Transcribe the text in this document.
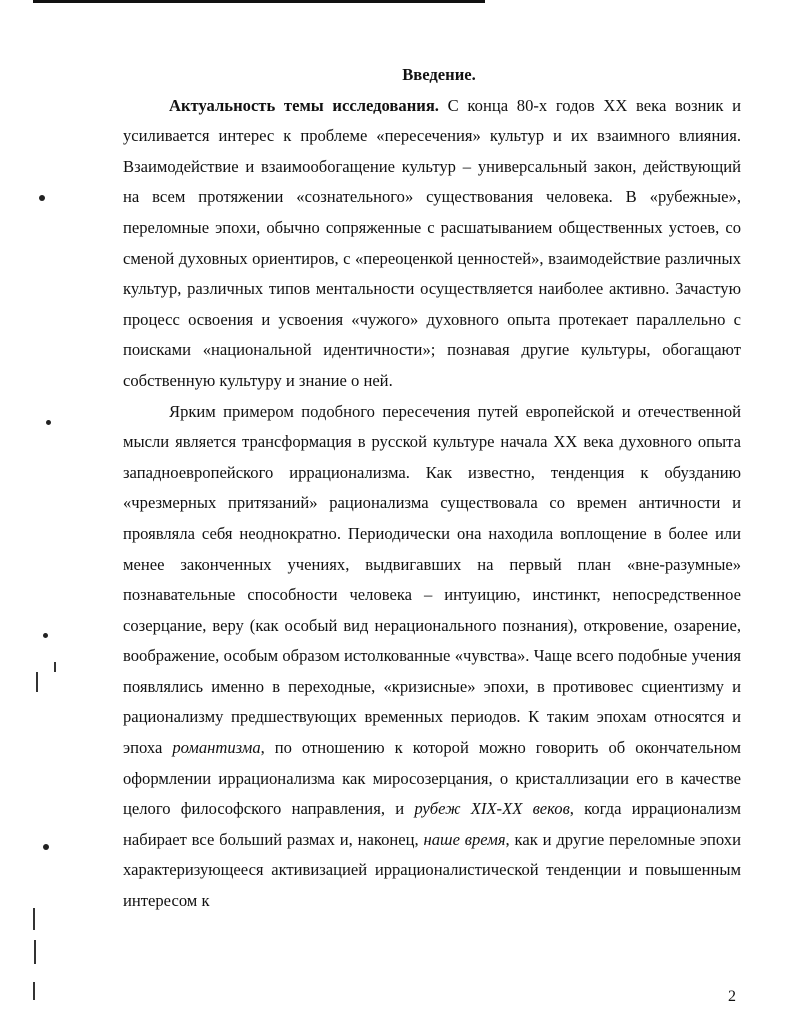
Введение.

Актуальность темы исследования. С конца 80-х годов XX века возник и усиливается интерес к проблеме «пересечения» культур и их взаимного влияния. Взаимодействие и взаимообогащение культур – универсальный закон, действующий на всем протяжении «сознательного» существования человека. В «рубежные», переломные эпохи, обычно сопряженные с расшатыванием общественных устоев, со сменой духовных ориентиров, с «переоценкой ценностей», взаимодействие различных культур, различных типов ментальности осуществляется наиболее активно. Зачастую процесс освоения и усвоения «чужого» духовного опыта протекает параллельно с поисками «национальной идентичности»; познавая другие культуры, обогащают собственную культуру и знание о ней.

Ярким примером подобного пересечения путей европейской и отечественной мысли является трансформация в русской культуре начала XX века духовного опыта западноевропейского иррационализма. Как известно, тенденция к обузданию «чрезмерных притязаний» рационализма существовала со времен античности и проявляла себя неоднократно. Периодически она находила воплощение в более или менее законченных учениях, выдвигавших на первый план «вне-разумные» познавательные способности человека – интуицию, инстинкт, непосредственное созерцание, веру (как особый вид нерационального познания), откровение, озарение, воображение, особым образом истолкованные «чувства». Чаще всего подобные учения появлялись именно в переходные, «кризисные» эпохи, в противовес сциентизму и рационализму предшествующих временных периодов. К таким эпохам относятся и эпоха романтизма, по отношению к которой можно говорить об окончательном оформлении иррационализма как миросозерцания, о кристаллизации его в качестве целого философского направления, и рубеж XIX-XX веков, когда иррационализм набирает все больший размах и, наконец, наше время, как и другие переломные эпохи характеризующееся активизацией иррационалистической тенденции и повышенным интересом к

2
